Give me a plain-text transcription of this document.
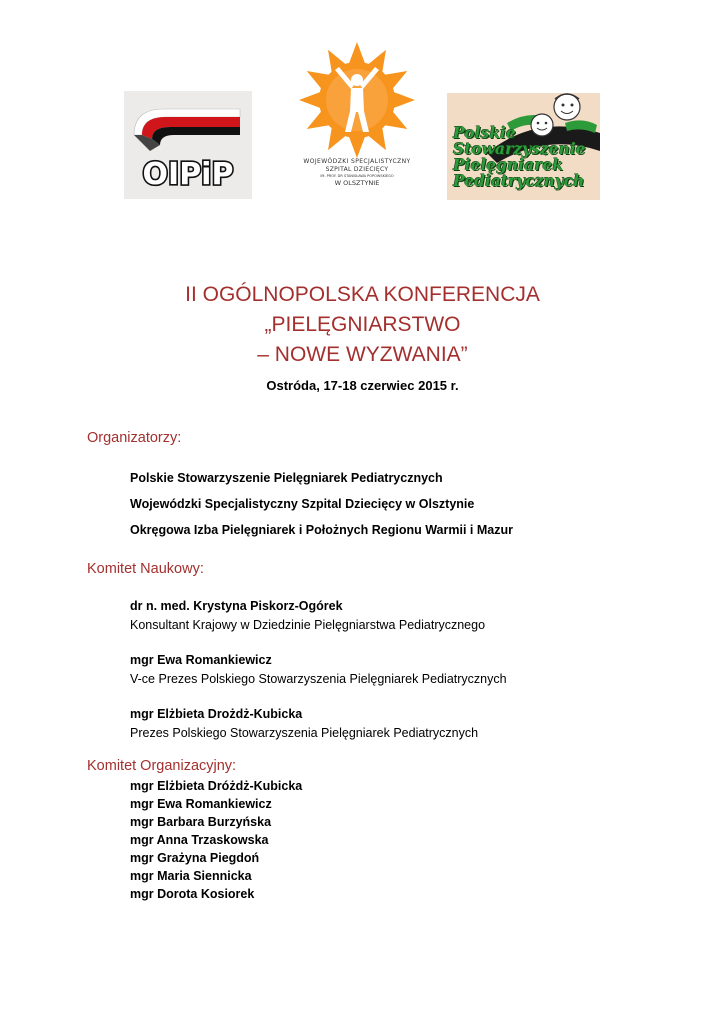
OIPiP	WOJEWÓDZKI SPECJALISTYCZNY
SZPITAL DZIECIĘCY
IM. PROF. DR STANISŁAWA POPOWSKIEGO
W OLSZTYNIE
Polskie
Stowarzyszenie
Pielęgniarek
Pediatrycznych
II OGÓLNOPOLSKA KONFERENCJA
„PIELĘGNIARSTWO
– NOWE WYZWANIA”
Ostróda, 17-18 czerwiec 2015 r.
Organizatorzy:
Polskie Stowarzyszenie Pielęgniarek Pediatrycznych
Wojewódzki Specjalistyczny Szpital Dziecięcy w Olsztynie
Okręgowa Izba Pielęgniarek i Położnych Regionu Warmii i Mazur
Komitet Naukowy:
dr n. med. Krystyna Piskorz-Ogórek
Konsultant Krajowy w Dziedzinie Pielęgniarstwa Pediatrycznego
mgr Ewa Romankiewicz
V-ce Prezes Polskiego Stowarzyszenia Pielęgniarek Pediatrycznych
mgr Elżbieta Drożdż-Kubicka
Prezes Polskiego Stowarzyszenia Pielęgniarek Pediatrycznych
Komitet Organizacyjny:
mgr Elżbieta Dróżdż-Kubicka
mgr Ewa Romankiewicz
mgr Barbara Burzyńska
mgr Anna Trzaskowska
mgr Grażyna Piegdoń
mgr Maria Siennicka
mgr Dorota Kosiorek
